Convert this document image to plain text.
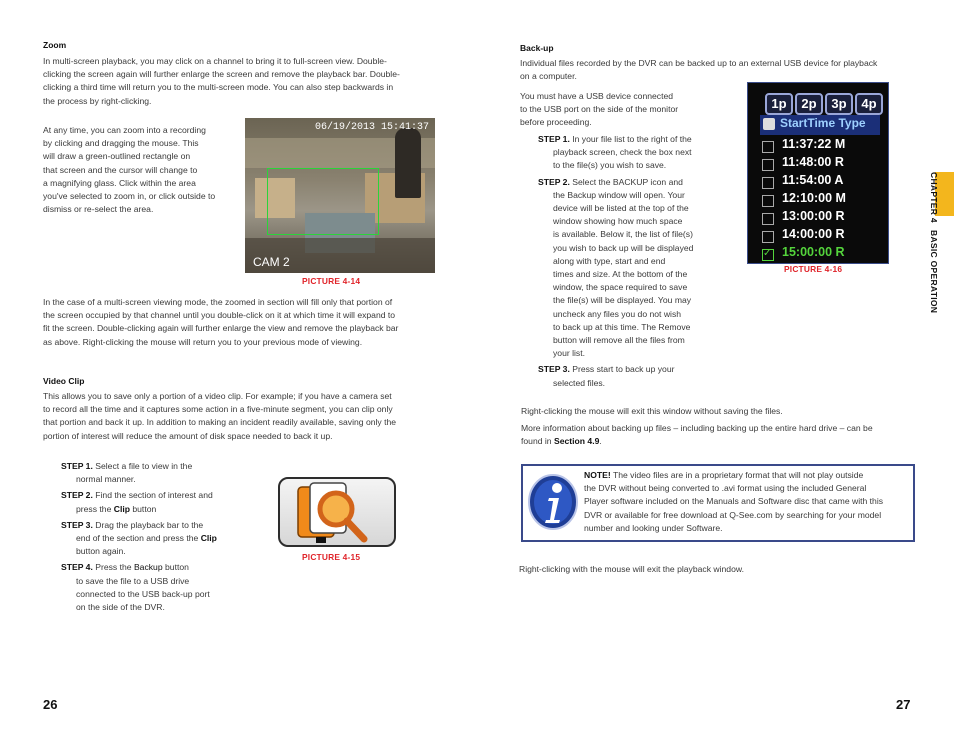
Zoom
In multi-screen playback, you may click on a channel to bring it to full-screen view. Double-
clicking the screen again will further enlarge the screen and remove the playback bar. Double-
clicking a third time will return you to the multi-screen mode. You can also step backwards in
the process by right-clicking.
At any time, you can zoom into a recording
by clicking and dragging the mouse. This
will draw a green-outlined rectangle on
that screen and the cursor will change to
a magnifying glass. Click within the area
you've selected to zoom in, or click outside to
dismiss or re-select the area.
06/19/2013 15:41:37
CAM 2
PICTURE 4-14
In the case of a multi-screen viewing mode, the zoomed in section will fill only that portion of
the screen occupied by that channel until you double-click on it at which time it will expand to
fit the screen. Double-clicking again will further enlarge the view and remove the playback bar
as above. Right-clicking the mouse will return you to your previous mode of viewing.
Video Clip
This allows you to save only a portion of a video clip. For example; if you have a camera set
to record all the time and it captures some action in a five-minute segment, you can clip only
that portion and back it up. In addition to making an incident readily available, saving only the
portion of interest will reduce the amount of disk space needed to back it up.
STEP 1. Select a file to view in the
normal manner.
STEP 2. Find the section of interest and
press the Clip button
STEP 3. Drag the playback bar to the
end of the section and press the Clip
button again.
STEP 4. Press the Backup button
to save the file to a USB drive
connected to the USB back-up port
on the side of the DVR.
PICTURE 4-15
26
Back-up
Individual files recorded by the DVR can be backed up to an external USB device for playback
on a computer.
You must have a USB device connected
to the USB port on the side of the monitor
before proceeding.
STEP 1. In your file list to the right of the
playback screen, check the box next
to the file(s) you wish to save.
STEP 2. Select the BACKUP icon and
the Backup window will open. Your
device will be listed at the top of the
window showing how much space
is available. Below it, the list of file(s)
you wish to back up will be displayed
along with type, start and end
times and size. At the bottom of the
window, the space required to save
the file(s) will be displayed. You may
uncheck any files you do not wish
to back up at this time. The Remove
button will remove all the files from
your list.
STEP 3. Press start to back up your
selected files.
1p	2p	3p	4p
StartTime Type
11:37:22 M
11:48:00 R
11:54:00 A
12:10:00 M
13:00:00 R
14:00:00 R
✓
15:00:00 R
PICTURE 4-16
Right-clicking the mouse will exit this window without saving the files.
More information about backing up files – including backing up the entire hard drive – can be
found in Section 4.9.
NOTE! The video files are in a proprietary format that will not play outside
the DVR without being converted to .avi format using the included General
Player software included on the Manuals and Software disc that came with this
DVR or available for free download at Q-See.com by searching for your model
number and looking under Software.
Right-clicking with the mouse will exit the playback window.
CHAPTER 4 BASIC OPERATION
27
